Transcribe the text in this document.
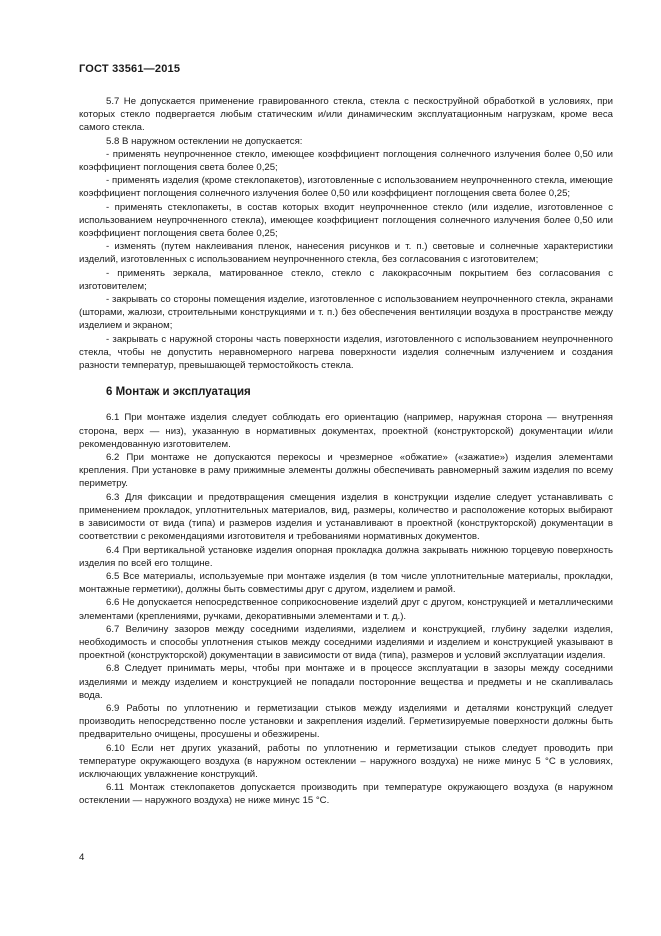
ГОСТ 33561—2015

5.7 Не допускается применение гравированного стекла, стекла с пескоструйной обработкой в условиях, при которых стекло подвергается любым статическим и/или динамическим эксплуатационным нагрузкам, кроме веса самого стекла.

5.8 В наружном остеклении не допускается:

- применять неупрочненное стекло, имеющее коэффициент поглощения солнечного излучения более 0,50 или коэффициент поглощения света более 0,25;

- применять изделия (кроме стеклопакетов), изготовленные с использованием неупрочненного стекла, имеющие коэффициент поглощения солнечного излучения более 0,50 или коэффициент поглощения света более 0,25;

- применять стеклопакеты, в состав которых входит неупрочненное стекло (или изделие, изготовленное с использованием неупрочненного стекла), имеющее коэффициент поглощения солнечного излучения более 0,50 или коэффициент поглощения света более 0,25;

- изменять (путем наклеивания пленок, нанесения рисунков и т. п.) световые и солнечные характеристики изделий, изготовленных с использованием неупрочненного стекла, без согласования с изготовителем;

- применять зеркала, матированное стекло, стекло с лакокрасочным покрытием без согласования с изготовителем;

- закрывать со стороны помещения изделие, изготовленное с использованием неупрочненного стекла, экранами (шторами, жалюзи, строительными конструкциями и т. п.) без обеспечения вентиляции воздуха в пространстве между изделием и экраном;

- закрывать с наружной стороны часть поверхности изделия, изготовленного с использованием неупрочненного стекла, чтобы не допустить неравномерного нагрева поверхности изделия солнечным излучением и создания разности температур, превышающей термостойкость стекла.

6 Монтаж и эксплуатация

6.1 При монтаже изделия следует соблюдать его ориентацию (например, наружная сторона — внутренняя сторона, верх — низ), указанную в нормативных документах, проектной (конструкторской) документации и/или рекомендованную изготовителем.

6.2 При монтаже не допускаются перекосы и чрезмерное «обжатие» («зажатие») изделия элементами крепления. При установке в раму прижимные элементы должны обеспечивать равномерный зажим изделия по всему периметру.

6.3 Для фиксации и предотвращения смещения изделия в конструкции изделие следует устанавливать с применением прокладок, уплотнительных материалов, вид, размеры, количество и расположение которых выбирают в зависимости от вида (типа) и размеров изделия и устанавливают в проектной (конструкторской) документации в соответствии с рекомендациями изготовителя и требованиями нормативных документов.

6.4 При вертикальной установке изделия опорная прокладка должна закрывать нижнюю торцевую поверхность изделия по всей его толщине.

6.5 Все материалы, используемые при монтаже изделия (в том числе уплотнительные материалы, прокладки, монтажные герметики), должны быть совместимы друг с другом, изделием и рамой.

6.6 Не допускается непосредственное соприкосновение изделий друг с другом, конструкцией и металлическими элементами (креплениями, ручками, декоративными элементами и т. д.).

6.7 Величину зазоров между соседними изделиями, изделием и конструкцией, глубину заделки изделия, необходимость и способы уплотнения стыков между соседними изделиями и изделием и конструкцией указывают в проектной (конструкторской) документации в зависимости от вида (типа), размеров и условий эксплуатации изделия.

6.8 Следует принимать меры, чтобы при монтаже и в процессе эксплуатации в зазоры между соседними изделиями и между изделием и конструкцией не попадали посторонние вещества и предметы и не скапливалась вода.

6.9 Работы по уплотнению и герметизации стыков между изделиями и деталями конструкций следует производить непосредственно после установки и закрепления изделий. Герметизируемые поверхности должны быть предварительно очищены, просушены и обезжирены.

6.10 Если нет других указаний, работы по уплотнению и герметизации стыков следует проводить при температуре окружающего воздуха (в наружном остеклении – наружного воздуха) не ниже минус 5 °С в условиях, исключающих увлажнение конструкций.

6.11 Монтаж стеклопакетов допускается производить при температуре окружающего воздуха (в наружном остеклении — наружного воздуха) не ниже минус 15 °С.

4
